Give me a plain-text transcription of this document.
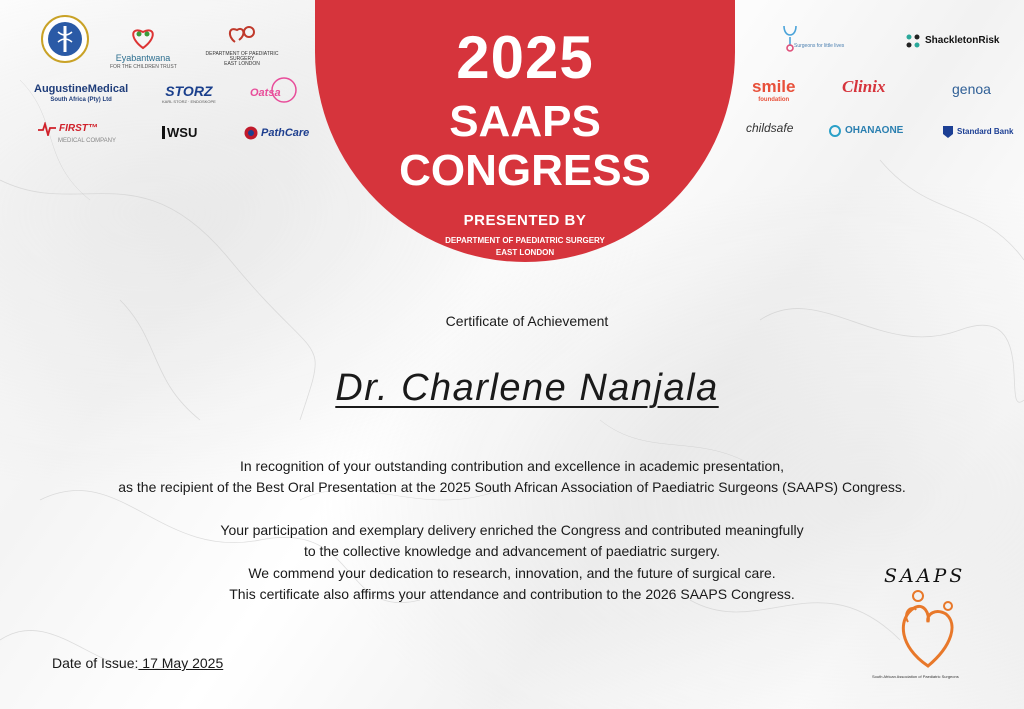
2025
SAAPS
CONGRESS
PRESENTED BY
DEPARTMENT OF PAEDIATRIC SURGERY
EAST LONDON
Eyabantwana
FOR THE CHILDREN TRUST
DEPARTMENT OF PAEDIATRIC
SURGERY
EAST LONDON
AugustineMedical
South Africa (Pty) Ltd
STORZ
KARL STORZ · ENDOSKOPE
Oatsa
FIRST™
MEDICAL COMPANY
WSU	PathCare
Surgeons for little lives	ShackletonRisk
smile
foundation
Clinix	genoa
childsafe	OHANAONE	Standard Bank
Certificate of Achievement
Dr. Charlene Nanjala
In recognition of your outstanding contribution and excellence in academic presentation,
as the recipient of the Best Oral Presentation at the 2025 South African Association of Paediatric Surgeons (SAAPS) Congress.
Your participation and exemplary delivery enriched the Congress and contributed meaningfully
to the collective knowledge and advancement of paediatric surgery.
We commend your dedication to research, innovation, and the future of surgical care.
This certificate also affirms your attendance and contribution to the 2026 SAAPS Congress.
Date of Issue: 17 May 2025
SAAPS
South African Association of Paediatric Surgeons
